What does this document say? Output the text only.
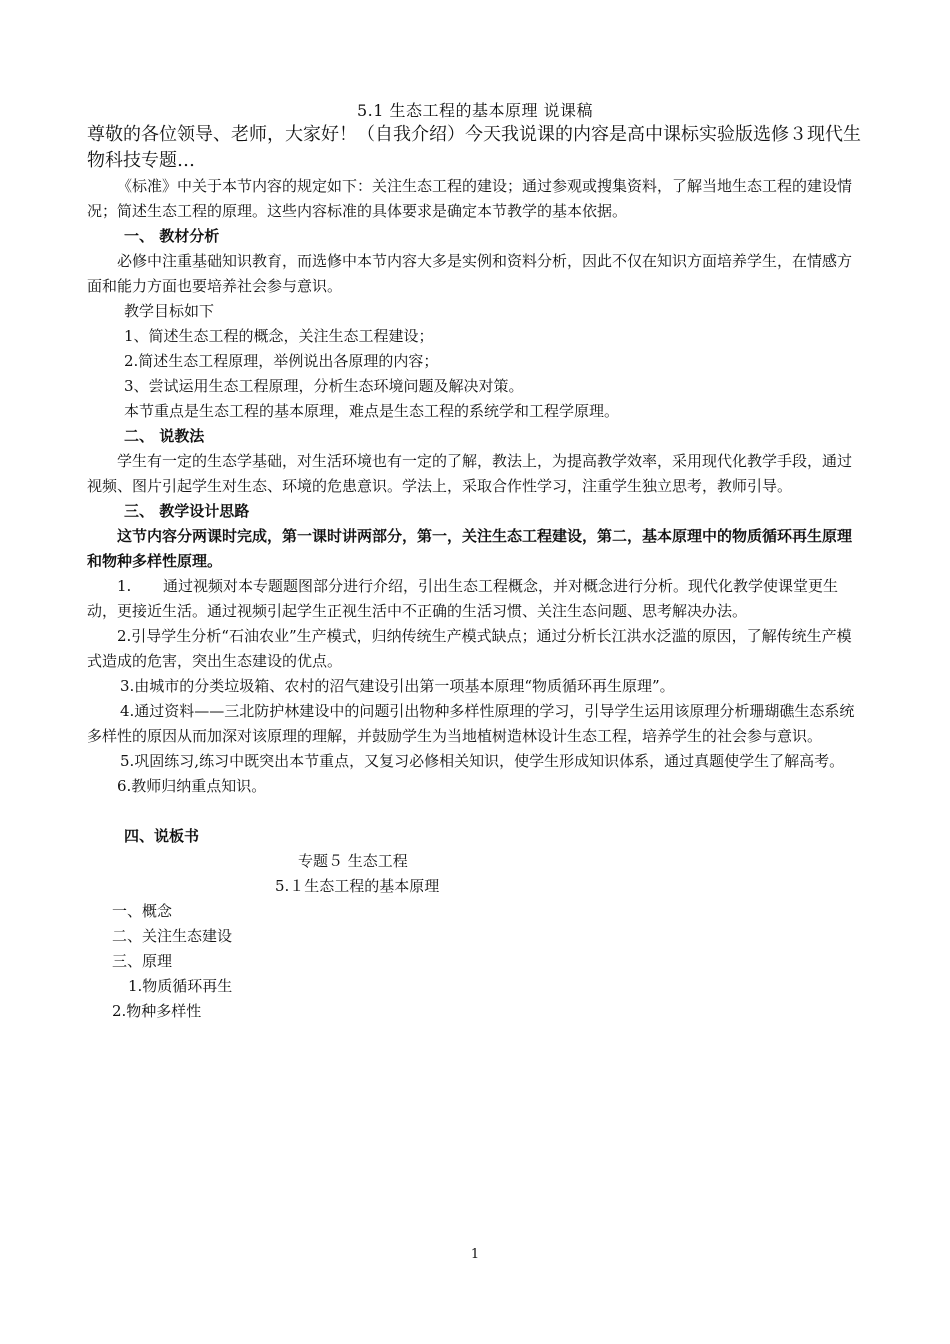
5.1 生态工程的基本原理 说课稿
尊敬的各位领导、老师，大家好！（自我介绍）今天我说课的内容是高中课标实验版选修３现代生物科技专题…

《标准》中关于本节内容的规定如下：关注生态工程的建设；通过参观或搜集资料，了解当地生态工程的建设情况；简述生态工程的原理。这些内容标准的具体要求是确定本节教学的基本依据。

一、 教材分析

必修中注重基础知识教育，而选修中本节内容大多是实例和资料分析，因此不仅在知识方面培养学生，在情感方面和能力方面也要培养社会参与意识。

教学目标如下

1、简述生态工程的概念，关注生态工程建设；

2.简述生态工程原理，举例说出各原理的内容；

3、尝试运用生态工程原理，分析生态环境问题及解决对策。

本节重点是生态工程的基本原理，难点是生态工程的系统学和工程学原理。

二、 说教法

学生有一定的生态学基础，对生活环境也有一定的了解，教法上，为提高教学效率，采用现代化教学手段，通过视频、图片引起学生对生态、环境的危患意识。学法上，采取合作性学习，注重学生独立思考，教师引导。

三、 教学设计思路

这节内容分两课时完成，第一课时讲两部分，第一，关注生态工程建设，第二，基本原理中的物质循环再生原理和物种多样性原理。

1. 通过视频对本专题题图部分进行介绍，引出生态工程概念，并对概念进行分析。现代化教学使课堂更生动，更接近生活。通过视频引起学生正视生活中不正确的生活习惯、关注生态问题、思考解决办法。

2.引导学生分析“石油农业”生产模式，归纳传统生产模式缺点；通过分析长江洪水泛滥的原因，了解传统生产模式造成的危害，突出生态建设的优点。

3.由城市的分类垃圾箱、农村的沼气建设引出第一项基本原理“物质循环再生原理”。

4.通过资料——三北防护林建设中的问题引出物种多样性原理的学习，引导学生运用该原理分析珊瑚礁生态系统多样性的原因从而加深对该原理的理解，并鼓励学生为当地植树造林设计生态工程，培养学生的社会参与意识。

5.巩固练习,练习中既突出本节重点，又复习必修相关知识，使学生形成知识体系，通过真题使学生了解高考。

6.教师归纳重点知识。

四、说板书

专题５ 生态工程

5.１生态工程的基本原理

一、概念

二、关注生态建设

三、原理

1.物质循环再生

2.物种多样性

1
